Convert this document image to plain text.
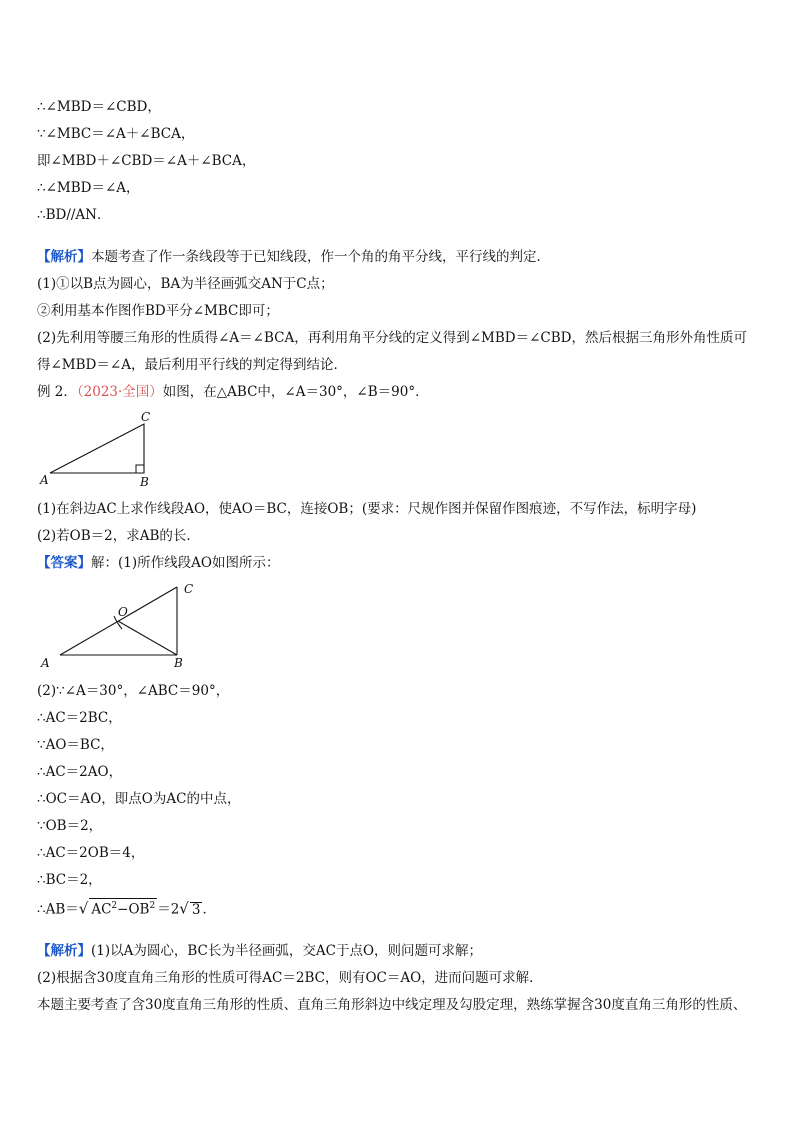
∴∠MBD＝∠CBD，
∵∠MBC＝∠A＋∠BCA，
即∠MBD＋∠CBD＝∠A＋∠BCA，
∴∠MBD＝∠A，
∴BD//AN．
【解析】本题考查了作一条线段等于已知线段，作一个角的角平分线，平行线的判定．
(1)①以B点为圆心，BA为半径画弧交AN于C点；
②利用基本作图作BD平分∠MBC即可；
(2)先利用等腰三角形的性质得∠A＝∠BCA，再利用角平分线的定义得到∠MBD＝∠CBD，然后根据三角形外角性质可
得∠MBD＝∠A，最后利用平行线的判定得到结论．
例 2．（2023·全国）如图，在△ABC中，∠A＝30°，∠B＝90°．
A	B
C
(1)在斜边AC上求作线段AO，使AO＝BC，连接OB；(要求：尺规作图并保留作图痕迹，不写作法，标明字母)
(2)若OB＝2，求AB的长．
【答案】解：(1)所作线段AO如图所示：
A	B
C
O
(2)∵∠A＝30°，∠ABC＝90°，
∴AC＝2BC，
∵AO＝BC，
∴AC＝2AO，
∴OC＝AO，即点O为AC的中点，
∵OB＝2，
∴AC＝2OB＝4，
∴BC＝2，
∴AB＝√ $AC^2-OB^2 =2√$ 3 ．
【解析】(1)以A为圆心，BC长为半径画弧，交AC于点O，则问题可求解；
(2)根据含30度直角三角形的性质可得AC＝2BC，则有OC＝AO，进而问题可求解．
本题主要考查了含30度直角三角形的性质、直角三角形斜边中线定理及勾股定理，熟练掌握含30度直角三角形的性质、
